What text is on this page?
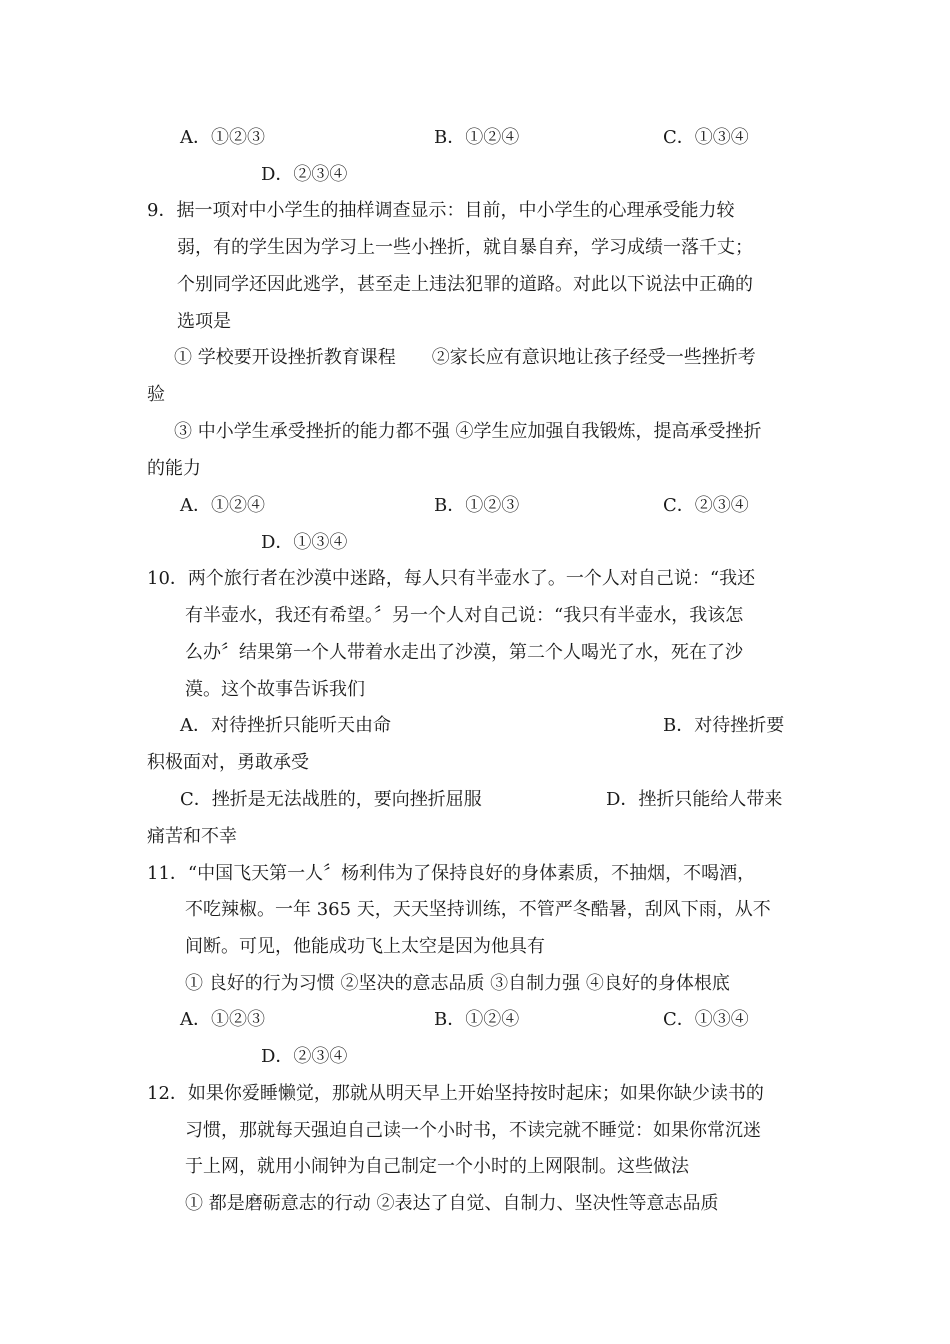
A．①②③	B．①②④	C．①③④
D．②③④
9．据一项对中小学生的抽样调查显示：目前，中小学生的心理承受能力较
弱，有的学生因为学习上一些小挫折，就自暴自弃，学习成绩一落千丈；
个别同学还因此逃学，甚至走上违法犯罪的道路。对此以下说法中正确的
选项是
① 学校要开设挫折教育课程　　②家长应有意识地让孩子经受一些挫折考
验
③ 中小学生承受挫折的能力都不强 ④学生应加强自我锻炼，提高承受挫折
的能力
A．①②④	B．①②③	C．②③④
D．①③④
10．两个旅行者在沙漠中迷路，每人只有半壶水了。一个人对自己说：“我还
有半壶水，我还有希望。〞另一个人对自己说：“我只有半壶水，我该怎
么办〞结果第一个人带着水走出了沙漠，第二个人喝光了水，死在了沙
漠。这个故事告诉我们
A．对待挫折只能听天由命	B．对待挫折要
积极面对，勇敢承受
C．挫折是无法战胜的，要向挫折屈服	D．挫折只能给人带来
痛苦和不幸
11．“中国飞天第一人〞杨利伟为了保持良好的身体素质，不抽烟，不喝酒，
不吃辣椒。一年 365 天，天天坚持训练，不管严冬酷暑，刮风下雨，从不
间断。可见，他能成功飞上太空是因为他具有
① 良好的行为习惯 ②坚决的意志品质 ③自制力强 ④良好的身体根底
A．①②③	B．①②④	C．①③④
D．②③④
12．如果你爱睡懒觉，那就从明天早上开始坚持按时起床；如果你缺少读书的
习惯，那就每天强迫自己读一个小时书，不读完就不睡觉：如果你常沉迷
于上网，就用小闹钟为自己制定一个小时的上网限制。这些做法
① 都是磨砺意志的行动 ②表达了自觉、自制力、坚决性等意志品质
